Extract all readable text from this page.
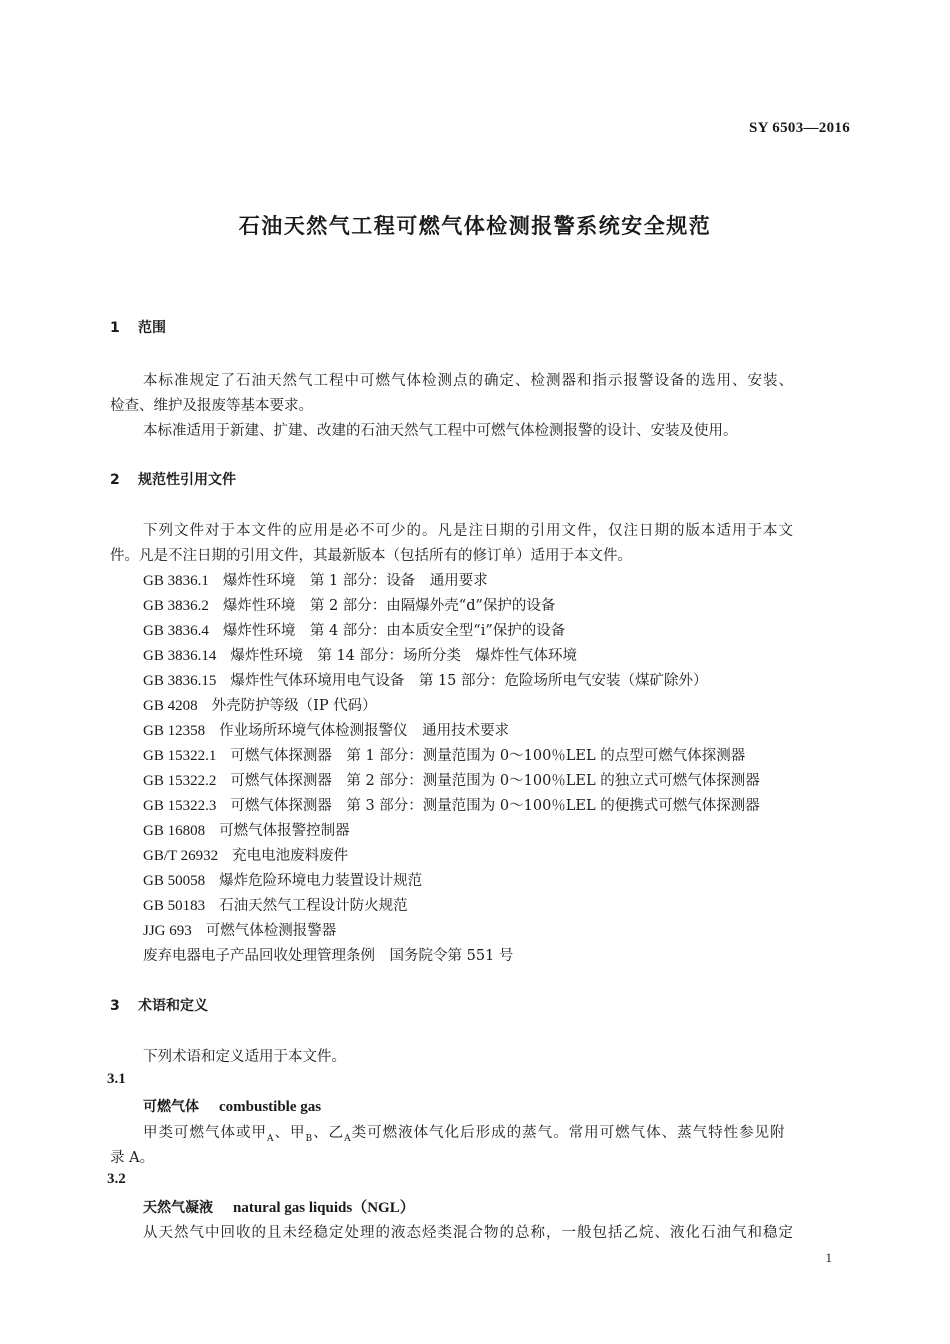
SY 6503—2016
石油天然气工程可燃气体检测报警系统安全规范
1 范围
本标准规定了石油天然气工程中可燃气体检测点的确定、检测器和指示报警设备的选用、安装、
检查、维护及报废等基本要求。
本标准适用于新建、扩建、改建的石油天然气工程中可燃气体检测报警的设计、安装及使用。
2 规范性引用文件
下列文件对于本文件的应用是必不可少的。凡是注日期的引用文件，仅注日期的版本适用于本文
件。凡是不注日期的引用文件，其最新版本（包括所有的修订单）适用于本文件。
GB 3836.1 爆炸性环境　第 1 部分：设备　通用要求
GB 3836.2 爆炸性环境　第 2 部分：由隔爆外壳“d”保护的设备
GB 3836.4 爆炸性环境　第 4 部分：由本质安全型“i”保护的设备
GB 3836.14 爆炸性环境　第 14 部分：场所分类　爆炸性气体环境
GB 3836.15 爆炸性气体环境用电气设备　第 15 部分：危险场所电气安装（煤矿除外）
GB 4208 外壳防护等级（IP 代码）
GB 12358 作业场所环境气体检测报警仪　通用技术要求
GB 15322.1 可燃气体探测器　第 1 部分：测量范围为 0～100％LEL 的点型可燃气体探测器
GB 15322.2 可燃气体探测器　第 2 部分：测量范围为 0～100％LEL 的独立式可燃气体探测器
GB 15322.3 可燃气体探测器　第 3 部分：测量范围为 0～100％LEL 的便携式可燃气体探测器
GB 16808 可燃气体报警控制器
GB/T 26932 充电电池废料废件
GB 50058 爆炸危险环境电力装置设计规范
GB 50183 石油天然气工程设计防火规范
JJG 693 可燃气体检测报警器
废弃电器电子产品回收处理管理条例　国务院令第 551 号
3 术语和定义
下列术语和定义适用于本文件。
3.1
可燃气体 combustible gas
甲类可燃气体或甲$_A$、甲$_B$、乙$_A$类可燃液体气化后形成的蒸气。常用可燃气体、蒸气特性参见附
录 A。
3.2
天然气凝液 natural gas liquids（NGL）
从天然气中回收的且未经稳定处理的液态烃类混合物的总称，一般包括乙烷、液化石油气和稳定
1
